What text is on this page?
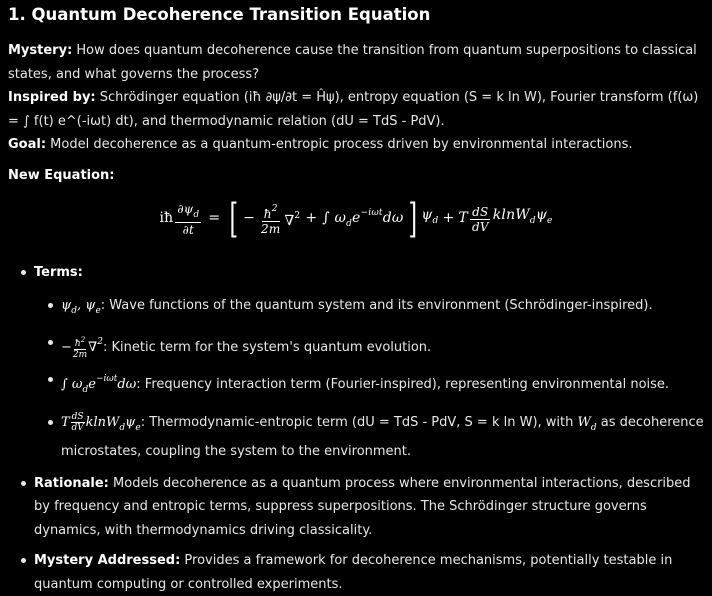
1. Quantum Decoherence Transition Equation

Mystery: How does quantum decoherence cause the transition from quantum superpositions to classical states, and what governs the process?

Inspired by: Schrödinger equation (iħ ∂ψ/∂t = Ĥψ), entropy equation (S = k ln W), Fourier transform (f(ω) = ∫ f(t) e^(-iωt) dt), and thermodynamic relation (dU = TdS - PdV).

Goal: Model decoherence as a quantum-entropic process driven by environmental interactions.

New Equation:

iħ $\frac{\partial\psi_d}{\partial t}$ = [ − $\frac{ħ^2}{2m} \nabla^2$ + ∫ $\omega_de^{-i\omega t}d\omega$ ] $\psi_d + T \frac{dS}{dV} klnW_d\psi_e$
Terms:
$\psi_d$, $\psi_e$: Wave functions of the quantum system and its environment (Schrödinger-inspired).
− $\frac{ħ^2}{2m} \nabla^2$: Kinetic term for the system's quantum evolution.
∫ $\omega_de^{-i\omega t}d\omega$: Frequency interaction term (Fourier-inspired), representing environmental noise.
T $\frac{dS}{dV} klnW_d\psi_e$: Thermodynamic-entropic term (dU = TdS - PdV, S = k ln W), with $W_d$ as decoherence microstates, coupling the system to the environment.
Rationale: Models decoherence as a quantum process where environmental interactions, described by frequency and entropic terms, suppress superpositions. The Schrödinger structure governs dynamics, with thermodynamics driving classicality.
Mystery Addressed: Provides a framework for decoherence mechanisms, potentially testable in quantum computing or controlled experiments.
